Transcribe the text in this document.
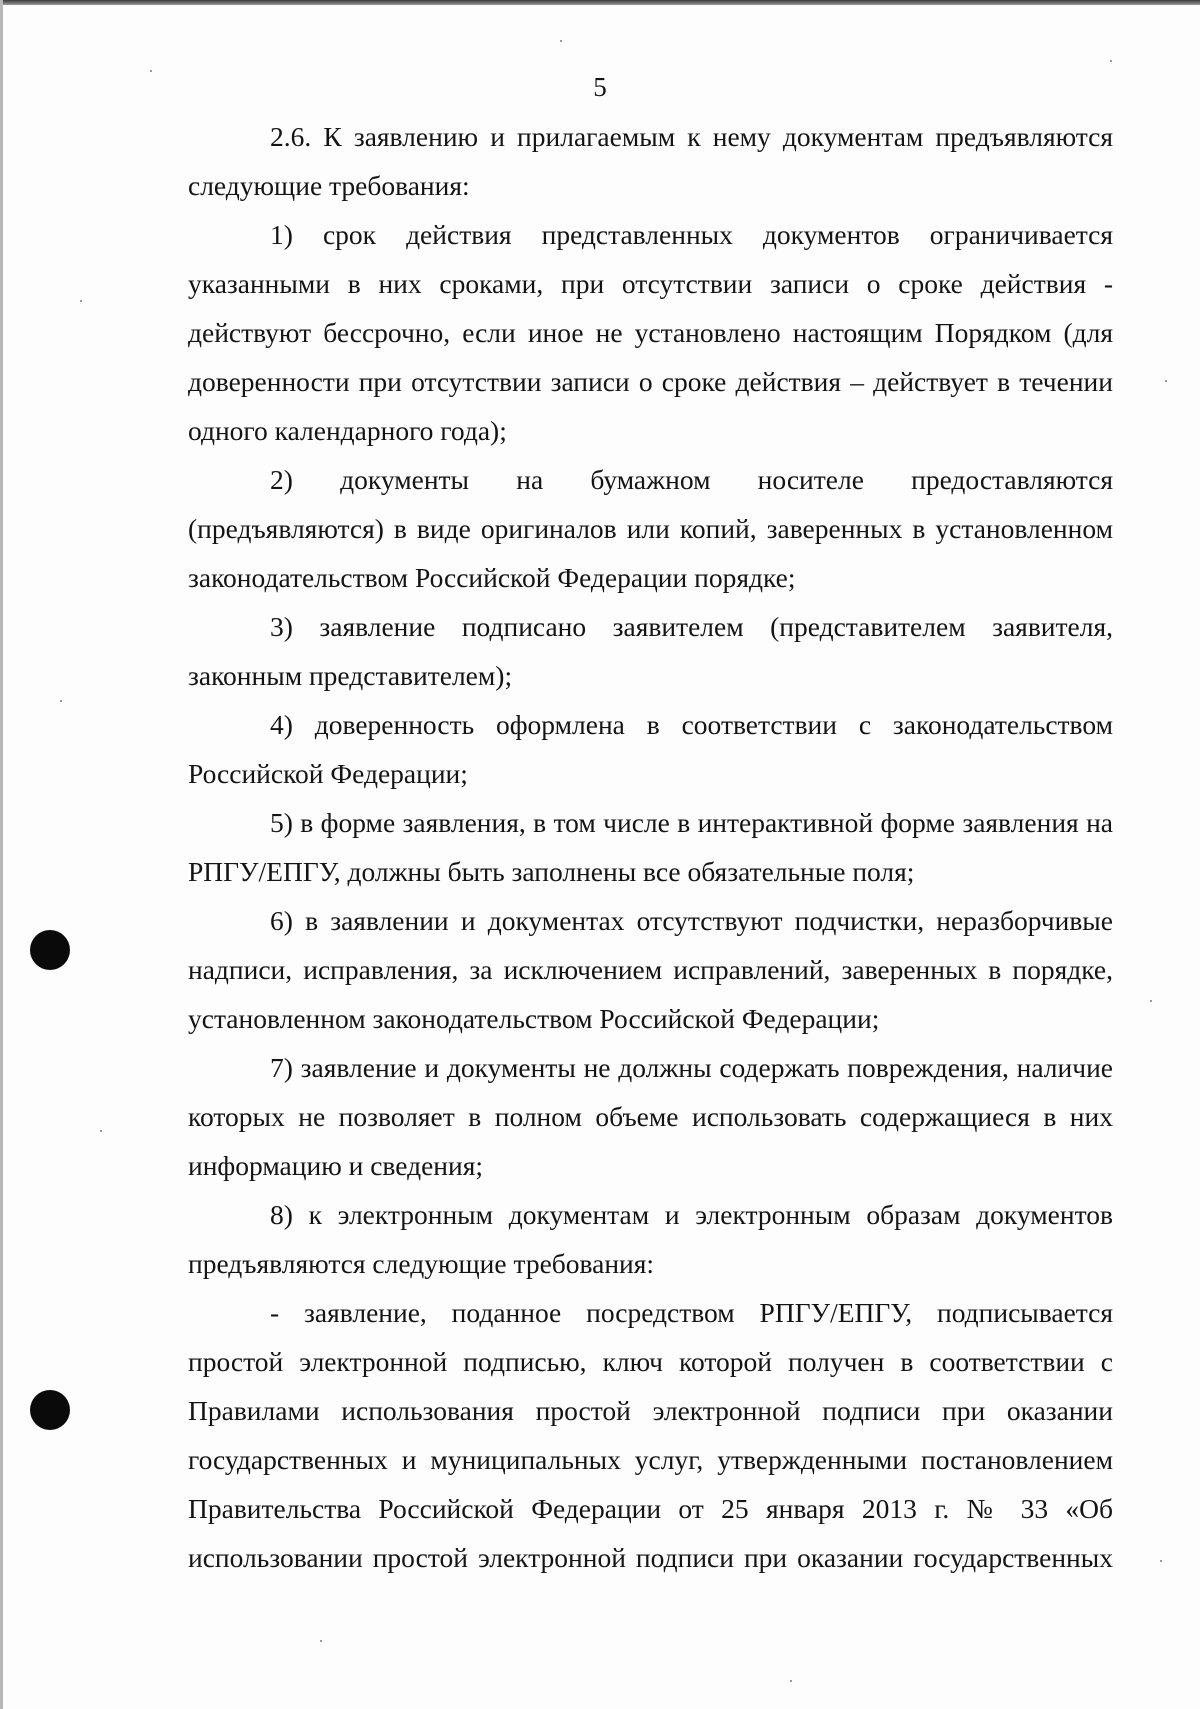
5

2.6. К заявлению и прилагаемым к нему документам предъявляются следующие требования:

1) срок действия представленных документов ограничивается указанными в них сроками, при отсутствии записи о сроке действия - действуют бессрочно, если иное не установлено настоящим Порядком (для доверенности при отсутствии записи о сроке действия – действует в течении одного календарного года);

2) документы на бумажном носителе предоставляются (предъявляются) в виде оригиналов или копий, заверенных в установленном законодательством Российской Федерации порядке;

3) заявление подписано заявителем (представителем заявителя, законным представителем);

4) доверенность оформлена в соответствии с законодательством Российской Федерации;

5) в форме заявления, в том числе в интерактивной форме заявления на РПГУ/ЕПГУ, должны быть заполнены все обязательные поля;

6) в заявлении и документах отсутствуют подчистки, неразборчивые надписи, исправления, за исключением исправлений, заверенных в порядке, установленном законодательством Российской Федерации;

7) заявление и документы не должны содержать повреждения, наличие которых не позволяет в полном объеме использовать содержащиеся в них информацию и сведения;

8) к электронным документам и электронным образам документов предъявляются следующие требования:

- заявление, поданное посредством РПГУ/ЕПГУ, подписывается простой электронной подписью, ключ которой получен в соответствии с Правилами использования простой электронной подписи при оказании государственных и муниципальных услуг, утвержденными постановлением Правительства Российской Федерации от 25 января 2013 г. № 33 «Об использовании простой электронной подписи при оказании государственных
